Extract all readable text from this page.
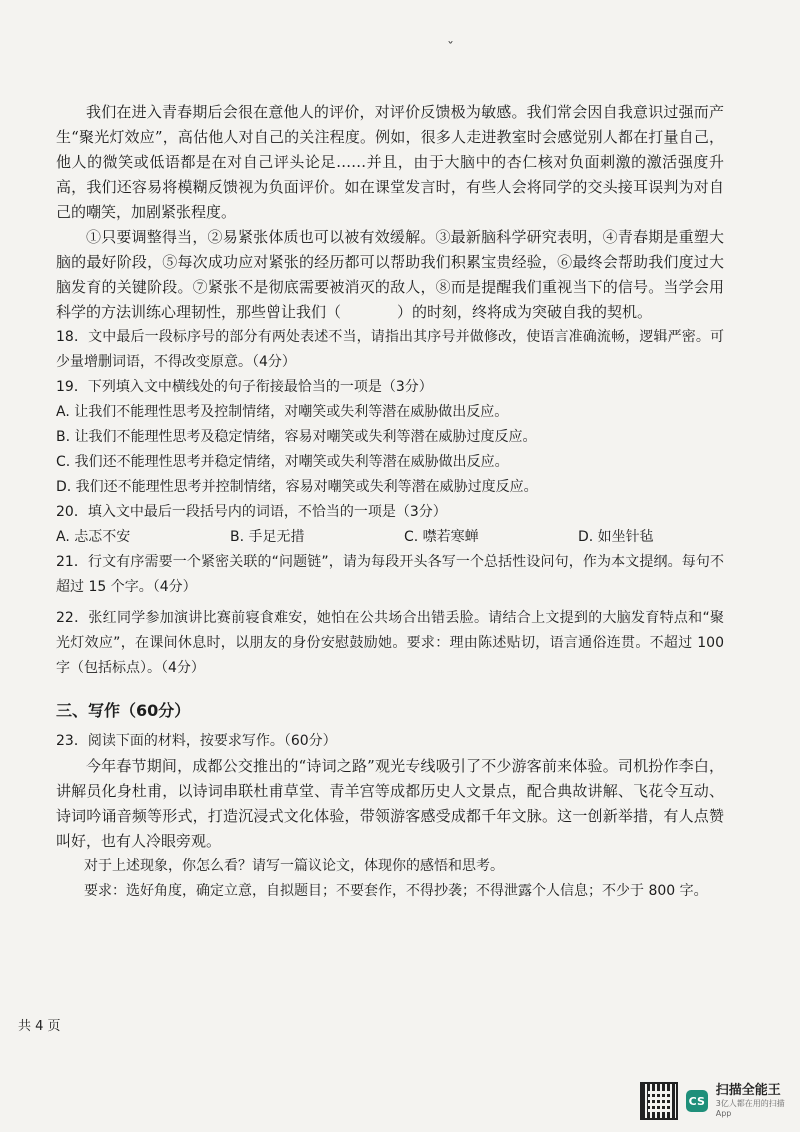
ˇ

我们在进入青春期后会很在意他人的评价，对评价反馈极为敏感。我们常会因自我意识过强而产生“聚光灯效应”，高估他人对自己的关注程度。例如，很多人走进教室时会感觉别人都在打量自己，他人的微笑或低语都是在对自己评头论足……并且，由于大脑中的杏仁核对负面刺激的激活强度升高，我们还容易将模糊反馈视为负面评价。如在课堂发言时，有些人会将同学的交头接耳误判为对自己的嘲笑，加剧紧张程度。

①只要调整得当，②易紧张体质也可以被有效缓解。③最新脑科学研究表明，④青春期是重塑大脑的最好阶段，⑤每次成功应对紧张的经历都可以帮助我们积累宝贵经验，⑥最终会帮助我们度过大脑发育的关键阶段。⑦紧张不是彻底需要被消灭的敌人，⑧而是提醒我们重视当下的信号。当学会用科学的方法训练心理韧性，那些曾让我们（	）的时刻，终将成为突破自我的契机。

18．文中最后一段标序号的部分有两处表述不当，请指出其序号并做修改，使语言准确流畅，逻辑严密。可少量增删词语，不得改变原意。（4分）

19．下列填入文中横线处的句子衔接最恰当的一项是（3分）

A. 让我们不能理性思考及控制情绪，对嘲笑或失利等潜在威胁做出反应。

B. 让我们不能理性思考及稳定情绪，容易对嘲笑或失利等潜在威胁过度反应。

C. 我们还不能理性思考并稳定情绪，对嘲笑或失利等潜在威胁做出反应。

D. 我们还不能理性思考并控制情绪，容易对嘲笑或失利等潜在威胁过度反应。

20．填入文中最后一段括号内的词语，不恰当的一项是（3分）

A. 忐忑不安	B. 手足无措	C. 噤若寒蝉	D. 如坐针毡

21．行文有序需要一个紧密关联的“问题链”，请为每段开头各写一个总括性设问句，作为本文提纲。每句不超过 15 个字。（4分）

22．张红同学参加演讲比赛前寝食难安，她怕在公共场合出错丢脸。请结合上文提到的大脑发育特点和“聚光灯效应”，在课间休息时，以朋友的身份安慰鼓励她。要求：理由陈述贴切，语言通俗连贯。不超过 100 字（包括标点）。（4分）

三、写作（60分）

23．阅读下面的材料，按要求写作。（60分）

今年春节期间，成都公交推出的“诗词之路”观光专线吸引了不少游客前来体验。司机扮作李白，讲解员化身杜甫，以诗词串联杜甫草堂、青羊宫等成都历史人文景点，配合典故讲解、飞花令互动、诗词吟诵音频等形式，打造沉浸式文化体验，带领游客感受成都千年文脉。这一创新举措，有人点赞叫好，也有人冷眼旁观。

对于上述现象，你怎么看？请写一篇议论文，体现你的感悟和思考。

要求：选好角度，确定立意，自拟题目；不要套作，不得抄袭；不得泄露个人信息；不少于 800 字。

共 4 页
CS
扫描全能王
3亿人都在用的扫描App
